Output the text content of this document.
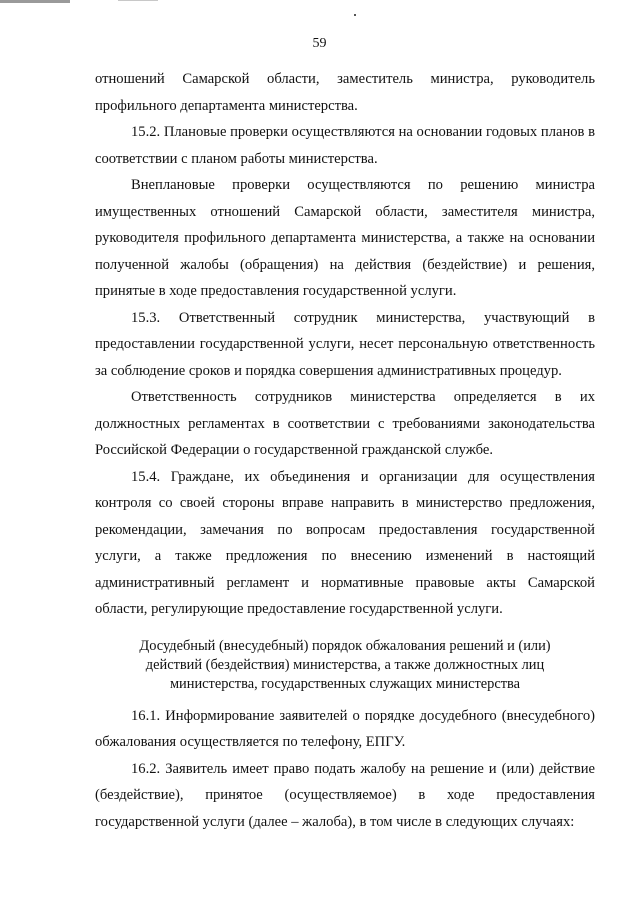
59

отношений Самарской области, заместитель министра, руководитель профильного департамента министерства.

15.2. Плановые проверки осуществляются на основании годовых планов в соответствии с планом работы министерства.

Внеплановые проверки осуществляются по решению министра имущественных отношений Самарской области, заместителя министра, руководителя профильного департамента министерства, а также на основании полученной жалобы (обращения) на действия (бездействие) и решения, принятые в ходе предоставления государственной услуги.

15.3. Ответственный сотрудник министерства, участвующий в предоставлении государственной услуги, несет персональную ответственность за соблюдение сроков и порядка совершения административных процедур.

Ответственность сотрудников министерства определяется в их должностных регламентах в соответствии с требованиями законодательства Российской Федерации о государственной гражданской службе.

15.4. Граждане, их объединения и организации для осуществления контроля со своей стороны вправе направить в министерство предложения, рекомендации, замечания по вопросам предоставления государственной услуги, а также предложения по внесению изменений в настоящий административный регламент и нормативные правовые акты Самарской области, регулирующие предоставление государственной услуги.

Досудебный (внесудебный) порядок обжалования решений и (или)
действий (бездействия) министерства, а также должностных лиц
министерства, государственных служащих министерства

16.1. Информирование заявителей о порядке досудебного (внесудебного) обжалования осуществляется по телефону, ЕПГУ.

16.2. Заявитель имеет право подать жалобу на решение и (или) действие (бездействие), принятое (осуществляемое) в ходе предоставления государственной услуги (далее – жалоба), в том числе в следующих случаях:
